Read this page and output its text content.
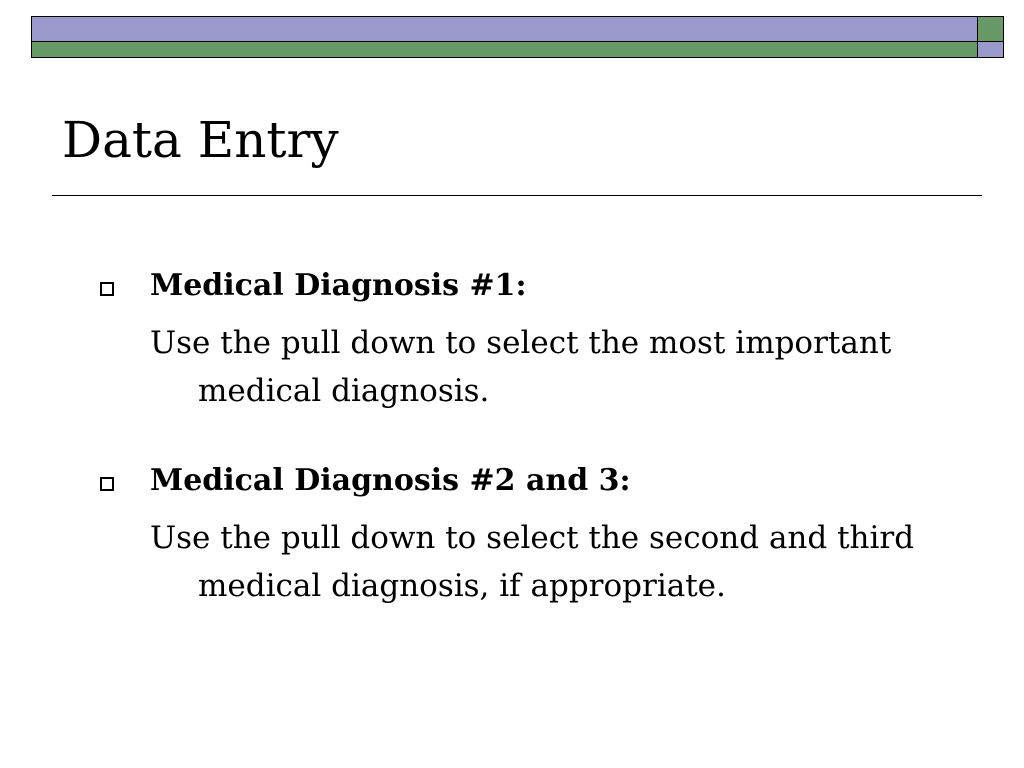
Data Entry
Medical Diagnosis #1:
Use the pull down to select the most important
medical diagnosis.
Medical Diagnosis #2 and 3:
Use the pull down to select the second and third
medical diagnosis, if appropriate.
